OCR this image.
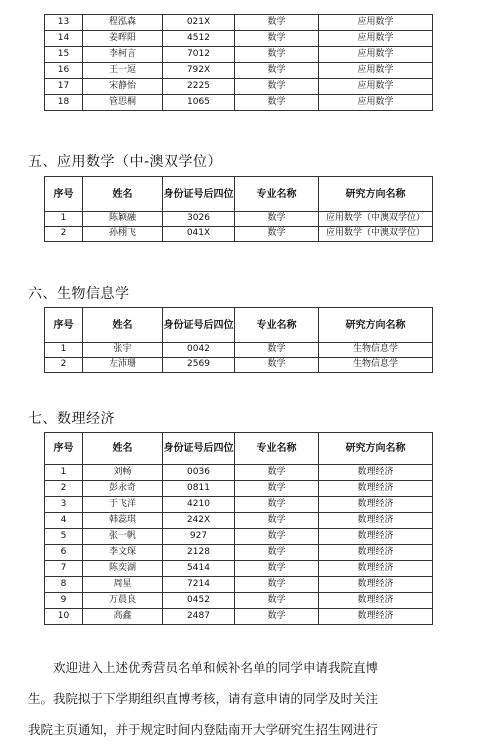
13	程泓森	021X	数学	应用数学
14	姜晖阳	4512	数学	应用数学
15	李柯言	7012	数学	应用数学
16	王一逗	792X	数学	应用数学
17	宋静怡	2225	数学	应用数学
18	管思桐	1065	数学	应用数学
五、应用数学（中-澳双学位）
序号	姓名	身份证号后四位	专业名称	研究方向名称
1	陈颖融	3026	数学	应用数学（中澳双学位）
2	孙栩飞	041X	数学	应用数学（中澳双学位）
六、生物信息学
序号	姓名	身份证号后四位	专业名称	研究方向名称
1	张宇	0042	数学	生物信息学
2	左沛珊	2569	数学	生物信息学
七、数理经济
序号	姓名	身份证号后四位	专业名称	研究方向名称
1	刘畅	0036	数学	数理经济
2	彭永奇	0811	数学	数理经济
3	于飞洋	4210	数学	数理经济
4	韩蕊琪	242X	数学	数理经济
5	张一帆	927	数学	数理经济
6	李文琛	2128	数学	数理经济
7	陈奕湖	5414	数学	数理经济
8	周星	7214	数学	数理经济
9	万晨良	0452	数学	数理经济
10	高鑫	2487	数学	数理经济
欢迎进入上述优秀营员名单和候补名单的同学申请我院直博
生。我院拟于下学期组织直博考核，请有意申请的同学及时关注
我院主页通知，并于规定时间内登陆南开大学研究生招生网进行
